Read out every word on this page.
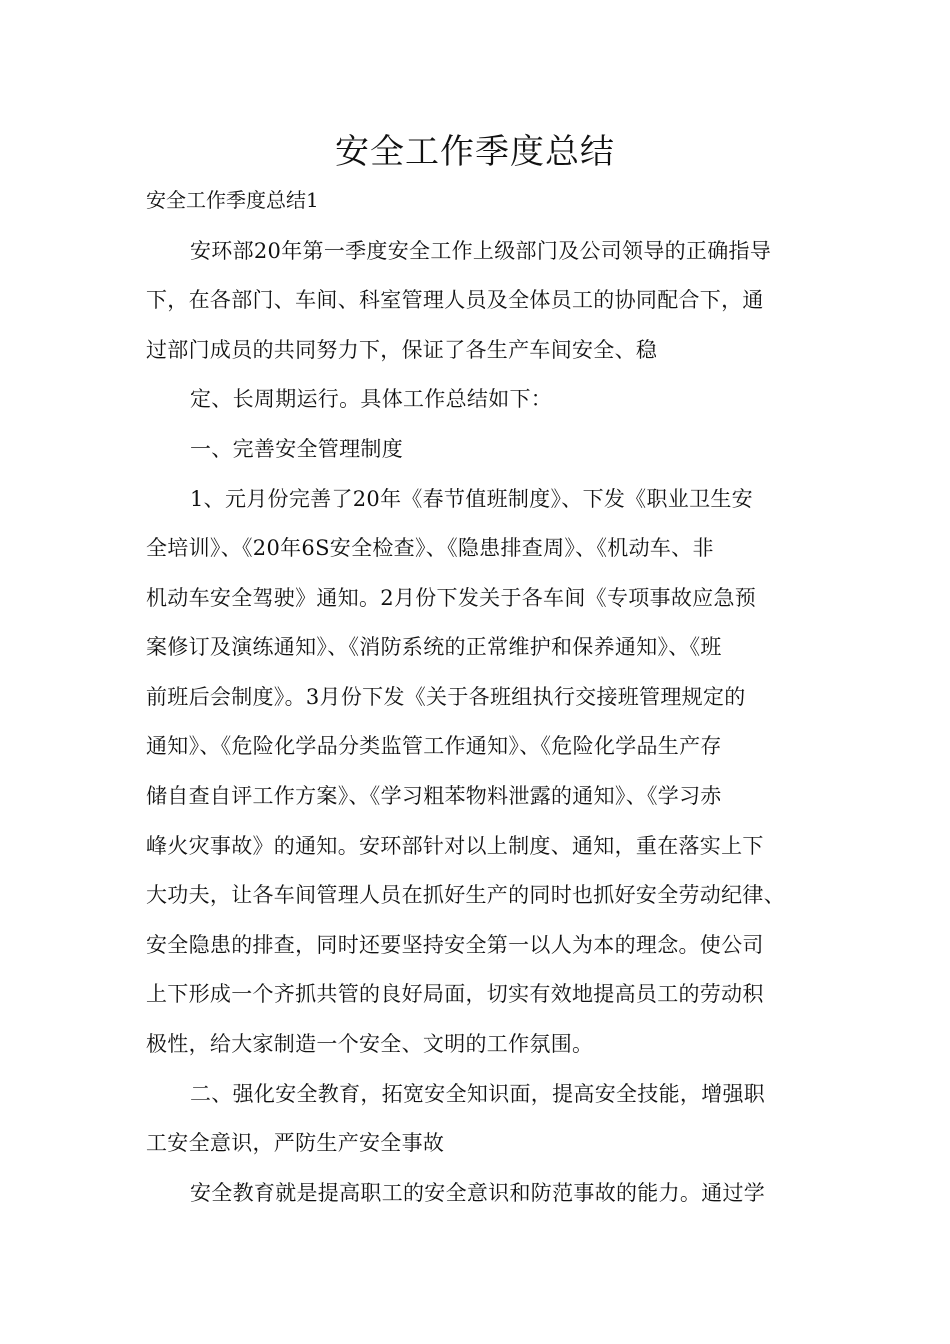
安全工作季度总结

安全工作季度总结1

安环部20年第一季度安全工作上级部门及公司领导的正确指导

下，在各部门、车间、科室管理人员及全体员工的协同配合下，通

过部门成员的共同努力下，保证了各生产车间安全、稳

定、长周期运行。具体工作总结如下：

一、完善安全管理制度

1、元月份完善了20年《春节值班制度》、下发《职业卫生安

全培训》、《20年6S安全检查》、《隐患排查周》、《机动车、非

机动车安全驾驶》通知。2月份下发关于各车间《专项事故应急预

案修订及演练通知》、《消防系统的正常维护和保养通知》、《班

前班后会制度》。3月份下发《关于各班组执行交接班管理规定的

通知》、《危险化学品分类监管工作通知》、《危险化学品生产存

储自查自评工作方案》、《学习粗苯物料泄露的通知》、《学习赤

峰火灾事故》的通知。安环部针对以上制度、通知，重在落实上下

大功夫，让各车间管理人员在抓好生产的同时也抓好安全劳动纪律、

安全隐患的排查，同时还要坚持安全第一以人为本的理念。使公司

上下形成一个齐抓共管的良好局面，切实有效地提高员工的劳动积

极性，给大家制造一个安全、文明的工作氛围。

二、强化安全教育，拓宽安全知识面，提高安全技能，增强职

工安全意识，严防生产安全事故

安全教育就是提高职工的安全意识和防范事故的能力。通过学
